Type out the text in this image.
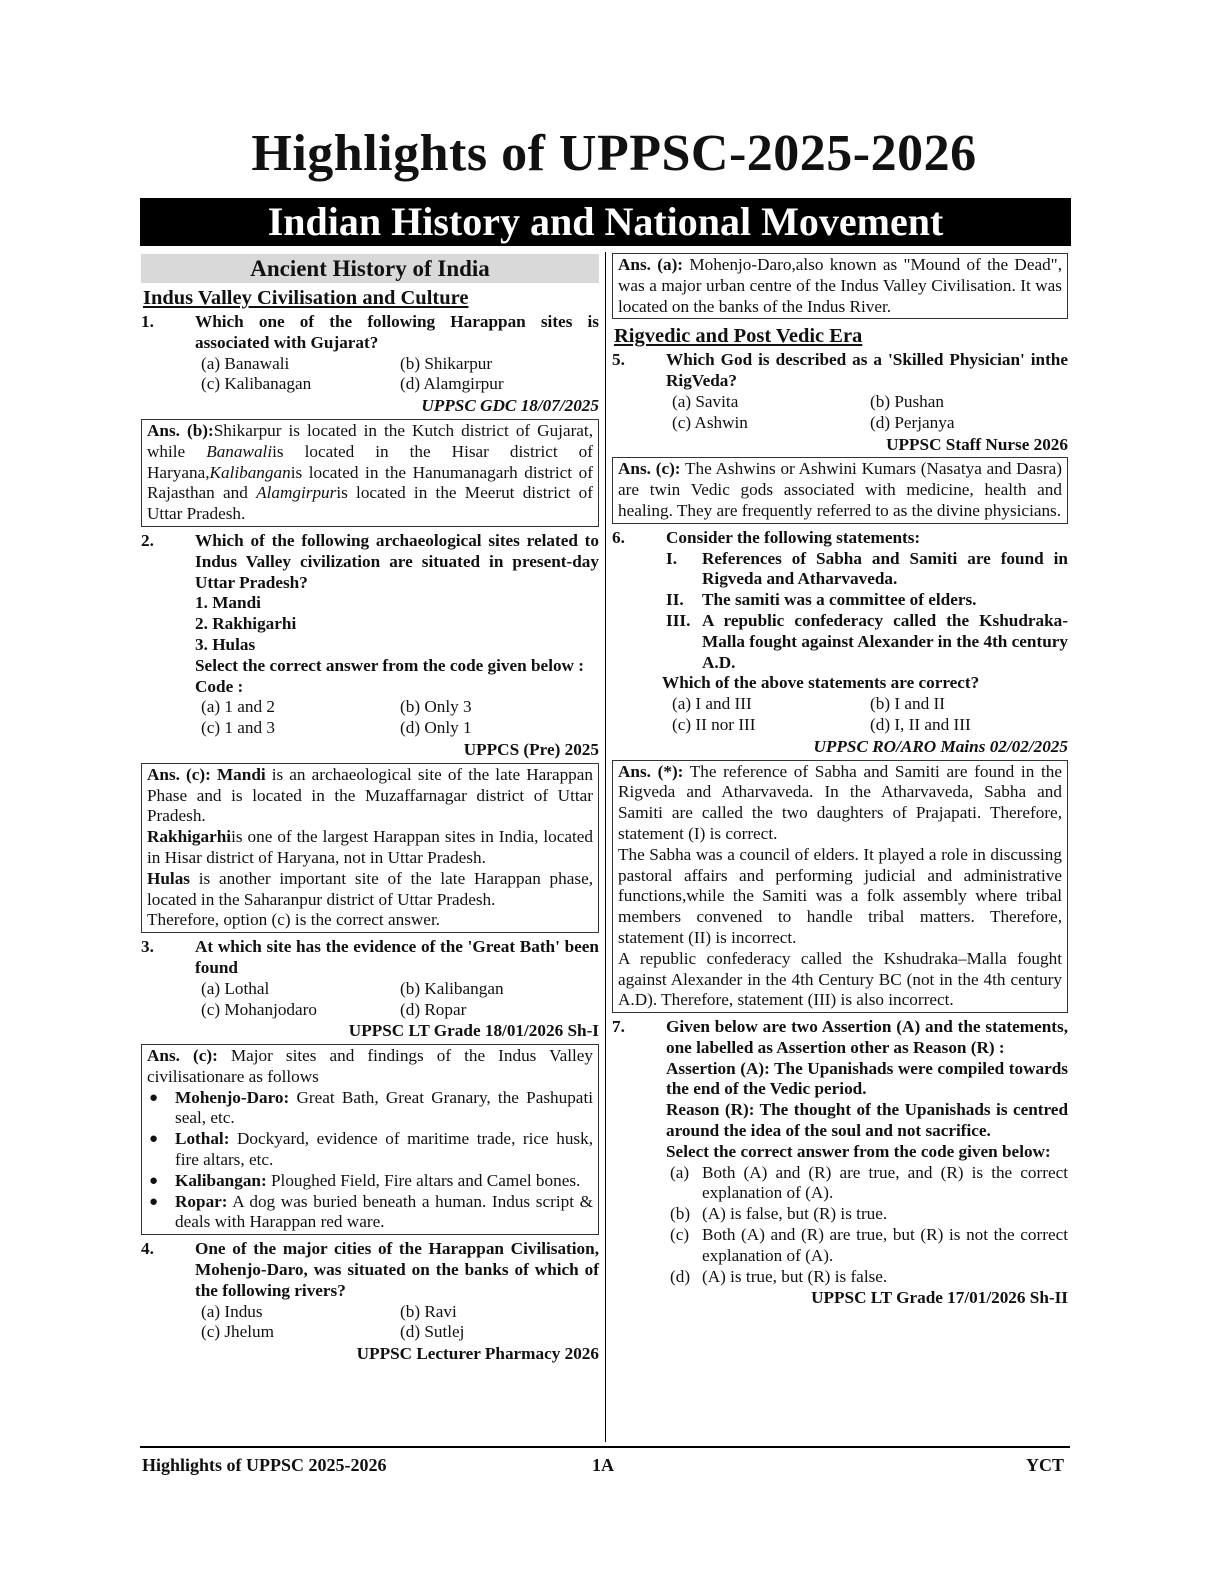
Highlights of UPPSC-2025-2026
Indian History and National Movement
Ancient History of India
Indus Valley Civilisation and Culture
1.	Which one of the following Harappan sites is associated with Gujarat?
(a) Banawali	(b) Shikarpur
(c) Kalibanagan	(d) Alamgirpur
UPPSC GDC 18/07/2025
Ans. (b):Shikarpur is located in the Kutch district of Gujarat, while Banawaliis located in the Hisar district of Haryana,Kalibanganis located in the Hanumanagarh district of Rajasthan and Alamgirpuris located in the Meerut district of Uttar Pradesh.
2.	Which of the following archaeological sites related to Indus Valley civilization are situated in present-day Uttar Pradesh?
1. Mandi
2. Rakhigarhi
3. Hulas
Select the correct answer from the code given below :
Code :
(a) 1 and 2	(b) Only 3
(c) 1 and 3	(d) Only 1
UPPCS (Pre) 2025
Ans. (c): Mandi is an archaeological site of the late Harappan Phase and is located in the Muzaffarnagar district of Uttar Pradesh.
Rakhigarhiis one of the largest Harappan sites in India, located in Hisar district of Haryana, not in Uttar Pradesh.
Hulas is another important site of the late Harappan phase, located in the Saharanpur district of Uttar Pradesh.
Therefore, option (c) is the correct answer.
3.	At which site has the evidence of the 'Great Bath' been found
(a) Lothal	(b) Kalibangan
(c) Mohanjodaro	(d) Ropar
UPPSC LT Grade 18/01/2026 Sh-I
Ans. (c): Major sites and findings of the Indus Valley civilisationare as follows
● Mohenjo-Daro: Great Bath, Great Granary, the Pashupati seal, etc.
● Lothal: Dockyard, evidence of maritime trade, rice husk, fire altars, etc.
● Kalibangan: Ploughed Field, Fire altars and Camel bones.
● Ropar: A dog was buried beneath a human. Indus script & deals with Harappan red ware.
4.	One of the major cities of the Harappan Civilisation, Mohenjo-Daro, was situated on the banks of which of the following rivers?
(a) Indus	(b) Ravi
(c) Jhelum	(d) Sutlej
UPPSC Lecturer Pharmacy 2026
Ans. (a): Mohenjo-Daro,also known as "Mound of the Dead", was a major urban centre of the Indus Valley Civilisation. It was located on the banks of the Indus River.
Rigvedic and Post Vedic Era
5.	Which God is described as a 'Skilled Physician' inthe RigVeda?
(a) Savita	(b) Pushan
(c) Ashwin	(d) Perjanya
UPPSC Staff Nurse 2026
Ans. (c): The Ashwins or Ashwini Kumars (Nasatya and Dasra) are twin Vedic gods associated with medicine, health and healing. They are frequently referred to as the divine physicians.
6.	Consider the following statements:
I.	References of Sabha and Samiti are found in Rigveda and Atharvaveda.
II.	The samiti was a committee of elders.
III. A republic confederacy called the Kshudraka-Malla fought against Alexander in the 4th century A.D.
Which of the above statements are correct?
(a) I and III	(b) I and II
(c) II nor III	(d) I, II and III
UPPSC RO/ARO Mains 02/02/2025
Ans. (*): The reference of Sabha and Samiti are found in the Rigveda and Atharvaveda. In the Atharvaveda, Sabha and Samiti are called the two daughters of Prajapati. Therefore, statement (I) is correct.
The Sabha was a council of elders. It played a role in discussing pastoral affairs and performing judicial and administrative functions,while the Samiti was a folk assembly where tribal members convened to handle tribal matters. Therefore, statement (II) is incorrect.
A republic confederacy called the Kshudraka–Malla fought against Alexander in the 4th Century BC (not in the 4th century A.D). Therefore, statement (III) is also incorrect.
7.	Given below are two Assertion (A) and the statements, one labelled as Assertion other as Reason (R) :
Assertion (A): The Upanishads were compiled towards the end of the Vedic period.
Reason (R): The thought of the Upanishads is centred around the idea of the soul and not sacrifice.
Select the correct answer from the code given below:
(a) Both (A) and (R) are true, and (R) is the correct explanation of (A).
(b) (A) is false, but (R) is true.
(c) Both (A) and (R) are true, but (R) is not the correct explanation of (A).
(d) (A) is true, but (R) is false.
UPPSC LT Grade 17/01/2026 Sh-II
Highlights of UPPSC 2025-2026	1A	YCT
